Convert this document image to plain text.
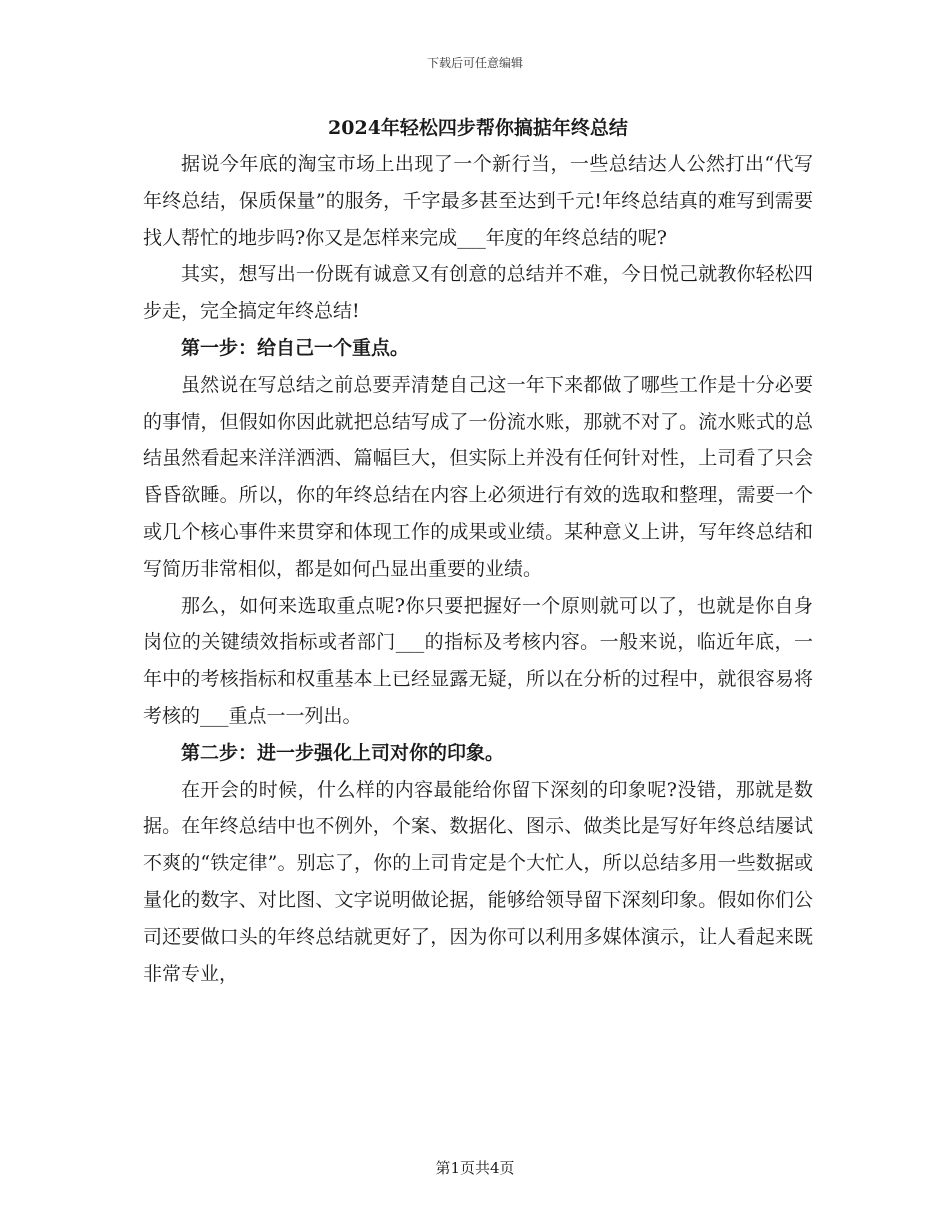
下载后可任意编辑
2024年轻松四步帮你搞掂年终总结

据说今年底的淘宝市场上出现了一个新行当，一些总结达人公然打出“代写年终总结，保质保量”的服务，千字最多甚至达到千元!年终总结真的难写到需要找人帮忙的地步吗?你又是怎样来完成___年度的年终总结的呢?

其实，想写出一份既有诚意又有创意的总结并不难，今日悦己就教你轻松四步走，完全搞定年终总结!

第一步：给自己一个重点。

虽然说在写总结之前总要弄清楚自己这一年下来都做了哪些工作是十分必要的事情，但假如你因此就把总结写成了一份流水账，那就不对了。流水账式的总结虽然看起来洋洋洒洒、篇幅巨大，但实际上并没有任何针对性，上司看了只会昏昏欲睡。所以，你的年终总结在内容上必须进行有效的选取和整理，需要一个或几个核心事件来贯穿和体现工作的成果或业绩。某种意义上讲，写年终总结和写简历非常相似，都是如何凸显出重要的业绩。

那么，如何来选取重点呢?你只要把握好一个原则就可以了，也就是你自身岗位的关键绩效指标或者部门___的指标及考核内容。一般来说，临近年底，一年中的考核指标和权重基本上已经显露无疑，所以在分析的过程中，就很容易将考核的___重点一一列出。

第二步：进一步强化上司对你的印象。

在开会的时候，什么样的内容最能给你留下深刻的印象呢?没错，那就是数据。在年终总结中也不例外，个案、数据化、图示、做类比是写好年终总结屡试不爽的“铁定律”。别忘了，你的上司肯定是个大忙人，所以总结多用一些数据或量化的数字、对比图、文字说明做论据，能够给领导留下深刻印象。假如你们公司还要做口头的年终总结就更好了，因为你可以利用多媒体演示，让人看起来既非常专业，

第1页共4页
